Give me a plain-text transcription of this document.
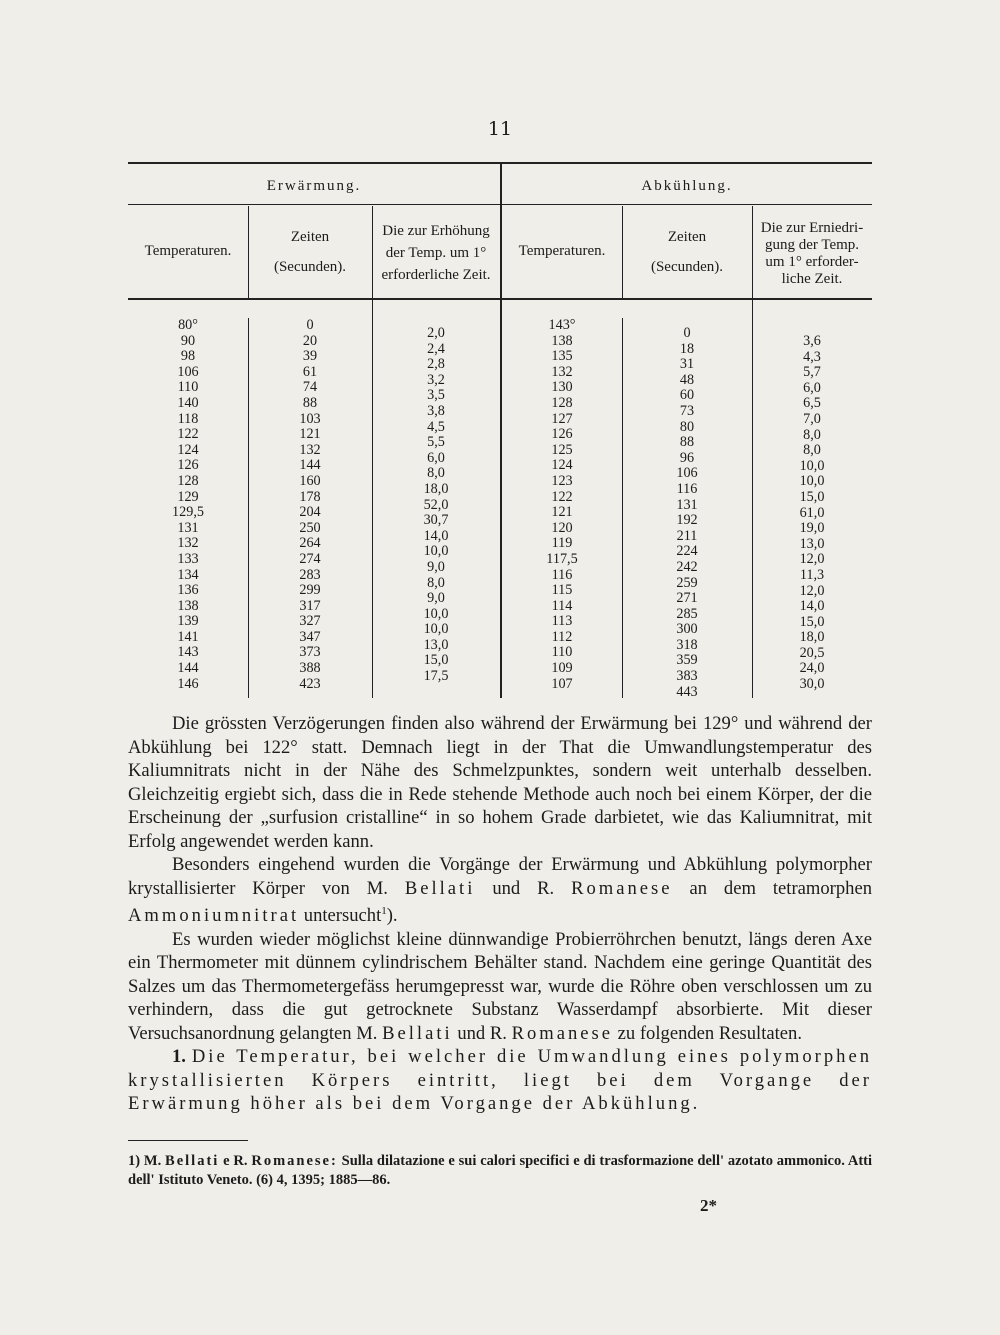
11
Erwärmung.	Abkühlung.
Temperaturen.
Zeiten
(Secunden).
Die zur Erhöhung
der Temp. um 1°
erforderliche Zeit.
Temperaturen.
Zeiten
(Secunden).
Die zur Erniedri-
gung der Temp.
um 1° erforder-
liche Zeit.
80°
90
98
106
110
140
118
122
124
126
128
129
129,5
131
132
133
134
136
138
139
141
143
144
146
0
20
39
61
74
88
103
121
132
144
160
178
204
250
264
274
283
299
317
327
347
373
388
423
2,0
2,4
2,8
3,2
3,5
3,8
4,5
5,5
6,0
8,0
18,0
52,0
30,7
14,0
10,0
9,0
8,0
9,0
10,0
10,0
13,0
15,0
17,5
143°
138
135
132
130
128
127
126
125
124
123
122
121
120
119
117,5
116
115
114
113
112
110
109
107
0
18
31
48
60
73
80
88
96
106
116
131
192
211
224
242
259
271
285
300
318
359
383
443
3,6
4,3
5,7
6,0
6,5
7,0
8,0
8,0
10,0
10,0
15,0
61,0
19,0
13,0
12,0
11,3
12,0
14,0
15,0
18,0
20,5
24,0
30,0

Die grössten Verzögerungen finden also während der Erwärmung bei 129° und während der Abkühlung bei 122° statt. Demnach liegt in der That die Umwandlungstemperatur des Kaliumnitrats nicht in der Nähe des Schmelzpunktes, sondern weit unterhalb desselben. Gleichzeitig ergiebt sich, dass die in Rede stehende Methode auch noch bei einem Körper, der die Erscheinung der „surfusion cristalline“ in so hohem Grade darbietet, wie das Kaliumnitrat, mit Erfolg angewendet werden kann.

Besonders eingehend wurden die Vorgänge der Erwärmung und Abkühlung polymorpher krystallisierter Körper von M. Bellati und R. Romanese an dem tetramorphen Ammoniumnitrat untersucht$^1$).

Es wurden wieder möglichst kleine dünnwandige Probierröhrchen benutzt, längs deren Axe ein Thermometer mit dünnem cylindrischem Behälter stand. Nachdem eine geringe Quantität des Salzes um das Thermometergefäss herumgepresst war, wurde die Röhre oben verschlossen um zu verhindern, dass die gut getrocknete Substanz Wasserdampf absorbierte. Mit dieser Versuchsanordnung gelangten M. Bellati und R. Romanese zu folgenden Resultaten.

1. Die Temperatur, bei welcher die Umwandlung eines polymorphen krystallisierten Körpers eintritt, liegt bei dem Vorgange der Erwärmung höher als bei dem Vorgange der Abkühlung.

1) M. Bellati e R. Romanese: Sulla dilatazione e sui calori specifici e di trasformazione dell' azotato ammonico. Atti dell' Istituto Veneto. (6) 4, 1395; 1885—86.
2*
